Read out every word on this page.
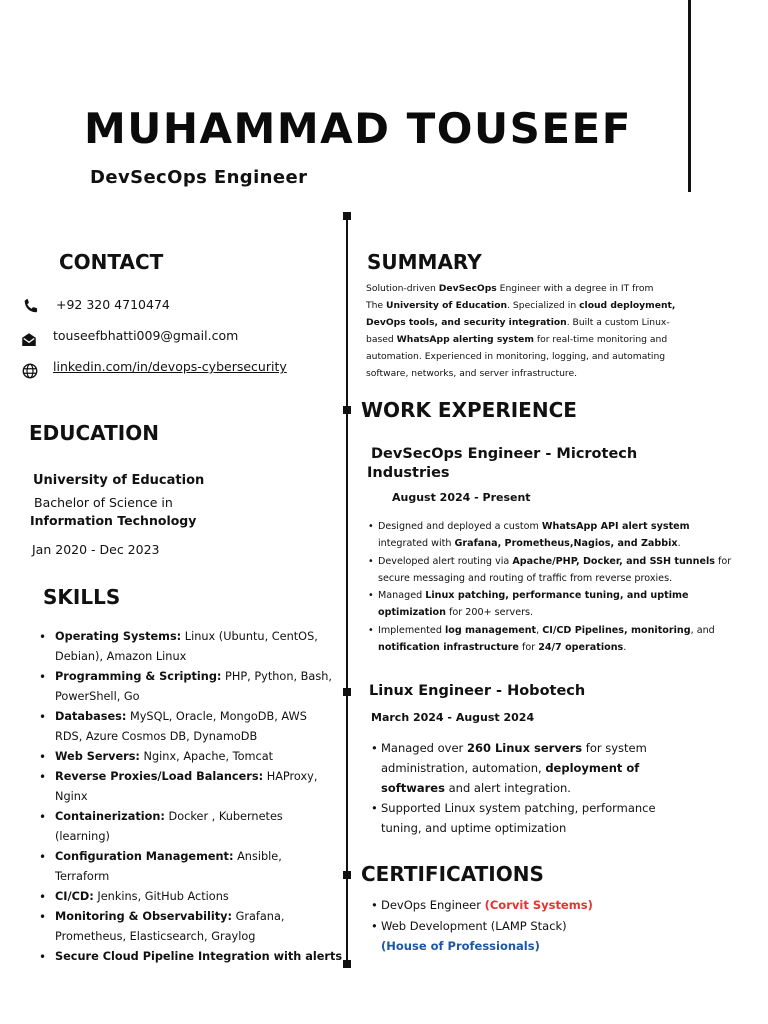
MUHAMMAD TOUSEEF
DevSecOps Engineer
CONTACT
+92 320 4710474
touseefbhatti009@gmail.com
linkedin.com/in/devops-cybersecurity
EDUCATION
University of Education
Bachelor of Science in
Information Technology
Jan 2020 - Dec 2023
SKILLS
• Operating Systems: Linux (Ubuntu, CentOS,
Debian), Amazon Linux
• Programming & Scripting: PHP, Python, Bash,
PowerShell, Go
• Databases: MySQL, Oracle, MongoDB, AWS
RDS, Azure Cosmos DB, DynamoDB
• Web Servers: Nginx, Apache, Tomcat
• Reverse Proxies/Load Balancers: HAProxy,
Nginx
• Containerization: Docker , Kubernetes
(learning)
• Configuration Management: Ansible,
Terraform
• CI/CD: Jenkins, GitHub Actions
• Monitoring & Observability: Grafana,
Prometheus, Elasticsearch, Graylog
• Secure Cloud Pipeline Integration with alerts
SUMMARY
Solution-driven DevSecOps Engineer with a degree in IT from
The University of Education. Specialized in cloud deployment,
DevOps tools, and security integration. Built a custom Linux-
based WhatsApp alerting system for real-time monitoring and
automation. Experienced in monitoring, logging, and automating
software, networks, and server infrastructure.
WORK EXPERIENCE
DevSecOps Engineer - Microtech
Industries
August 2024 - Present
• Designed and deployed a custom WhatsApp API alert system
integrated with Grafana, Prometheus,Nagios, and Zabbix.
• Developed alert routing via Apache/PHP, Docker, and SSH tunnels for
secure messaging and routing of traffic from reverse proxies.
• Managed Linux patching, performance tuning, and uptime
optimization for 200+ servers.
• Implemented log management, CI/CD Pipelines, monitoring, and
notification infrastructure for 24/7 operations.
Linux Engineer - Hobotech
March 2024 - August 2024
• Managed over 260 Linux servers for system
administration, automation, deployment of
softwares and alert integration.
• Supported Linux system patching, performance
tuning, and uptime optimization
CERTIFICATIONS
• DevOps Engineer (Corvit Systems)
• Web Development (LAMP Stack)
(House of Professionals)
